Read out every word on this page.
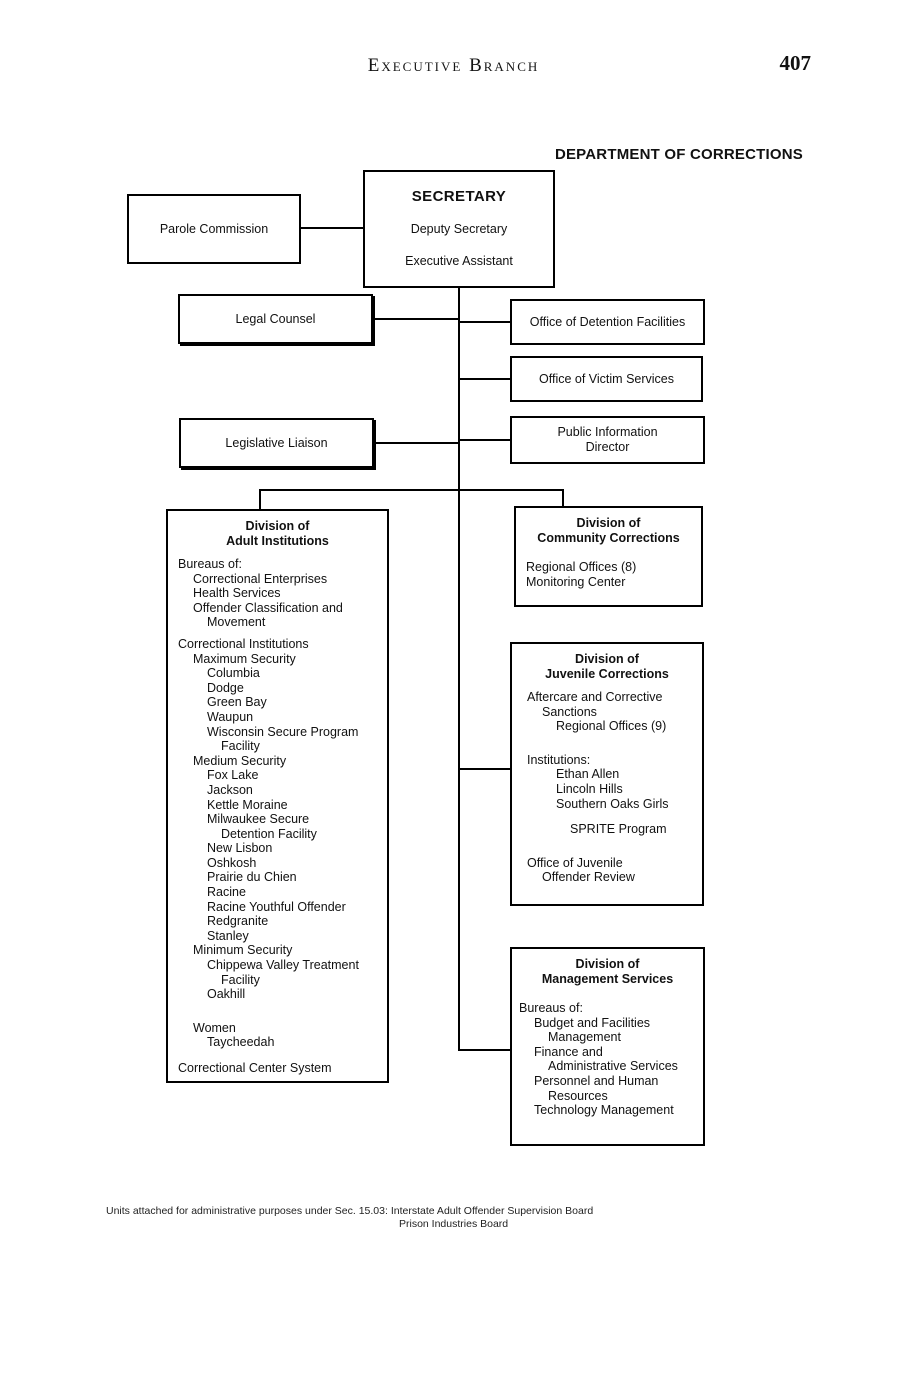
Executive Branch	407
DEPARTMENT OF CORRECTIONS
SECRETARY
Deputy Secretary
Executive Assistant
Parole Commission
Legal Counsel
Legislative Liaison
Office of Detention Facilities
Office of Victim Services
Public Information Director
Division of
Adult Institutions
Bureaus of:
Correctional Enterprises
Health Services
Offender Classification and
Movement
Correctional Institutions
Maximum Security
Columbia
Dodge
Green Bay
Waupun
Wisconsin Secure Program
Facility
Medium Security
Fox Lake
Jackson
Kettle Moraine
Milwaukee Secure
Detention Facility
New Lisbon
Oshkosh
Prairie du Chien
Racine
Racine Youthful Offender
Redgranite
Stanley
Minimum Security
Chippewa Valley Treatment
Facility
Oakhill
Women
Taycheedah
Correctional Center System
Division of
Community Corrections
Regional Offices (8)
Monitoring Center
Division of
Juvenile Corrections
Aftercare and Corrective
Sanctions
Regional Offices (9)
Institutions:
Ethan Allen
Lincoln Hills
Southern Oaks Girls
SPRITE Program
Office of Juvenile
Offender Review
Division of
Management Services
Bureaus of:
Budget and Facilities
Management
Finance and
Administrative Services
Personnel and Human
Resources
Technology Management
Units attached for administrative purposes under Sec. 15.03: Interstate Adult Offender Supervision Board
Prison Industries Board
